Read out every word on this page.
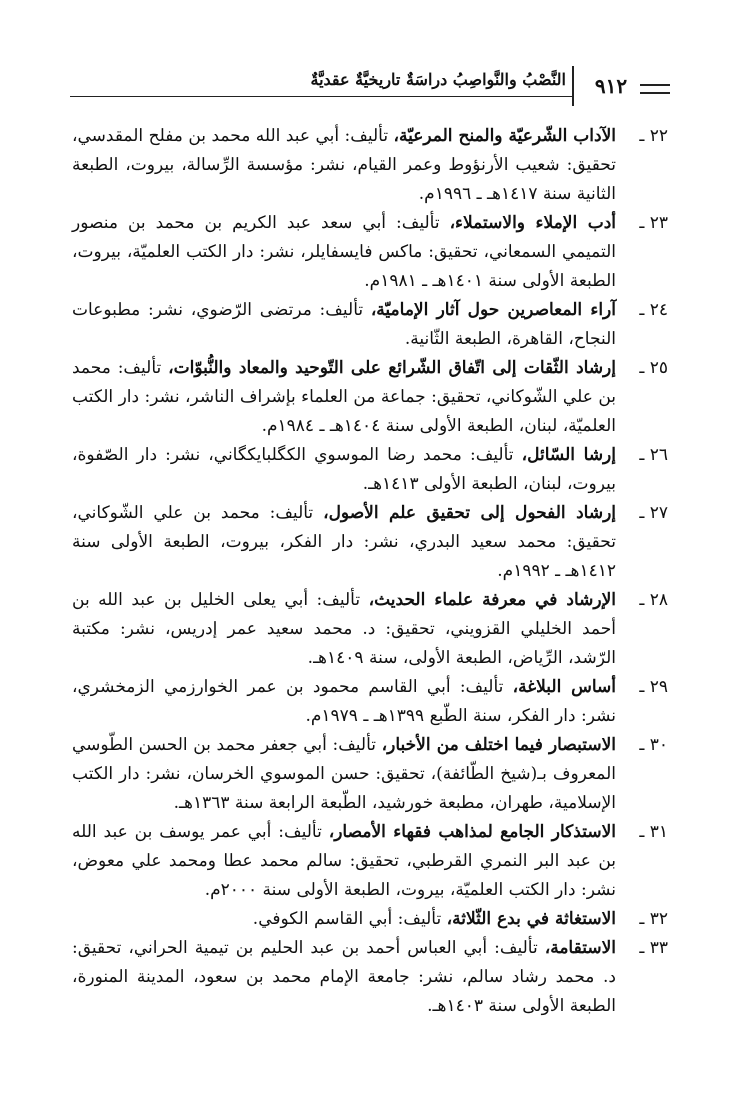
٩١٢
النَّصْبُ والنَّواصِبُ دراسَةٌ تاريخيَّةٌ عقديَّةٌ
٢٢ ـ
الآداب الشّرعيّة والمنح المرعيّة، تأليف: أبي عبد الله محمد بن مفلح المقدسي، تحقيق: شعيب الأرنؤوط وعمر القيام، نشر: مؤسسة الرِّسالة، بيروت، الطبعة الثانية سنة ١٤١٧هـ ـ ١٩٩٦م.
٢٣ ـ
أدب الإملاء والاستملاء، تأليف: أبي سعد عبد الكريم بن محمد بن منصور التميمي السمعاني، تحقيق: ماكس فايسفايلر، نشر: دار الكتب العلميّة، بيروت، الطبعة الأولى سنة ١٤٠١هـ ـ ١٩٨١م.
٢٤ ـ
آراء المعاصرين حول آثار الإماميّة، تأليف: مرتضى الرّضوي، نشر: مطبوعات النجاح، القاهرة، الطبعة الثّانية.
٢٥ ـ
إرشاد الثّقات إلى اتّفاق الشّرائع على التّوحيد والمعاد والنُّبوّات، تأليف: محمد بن علي الشّوكاني، تحقيق: جماعة من العلماء بإشراف الناشر، نشر: دار الكتب العلميّة، لبنان، الطبعة الأولى سنة ١٤٠٤هـ ـ ١٩٨٤م.
٢٦ ـ
إرشا السّائل، تأليف: محمد رضا الموسوي الكگلبايكگاني، نشر: دار الصّفوة، بيروت، لبنان، الطبعة الأولى ١٤١٣هـ.
٢٧ ـ
إرشاد الفحول إلى تحقيق علم الأصول، تأليف: محمد بن علي الشّوكاني، تحقيق: محمد سعيد البدري، نشر: دار الفكر، بيروت، الطبعة الأولى سنة ١٤١٢هـ ـ ١٩٩٢م.
٢٨ ـ
الإرشاد في معرفة علماء الحديث، تأليف: أبي يعلى الخليل بن عبد الله بن أحمد الخليلي القزويني، تحقيق: د. محمد سعيد عمر إدريس، نشر: مكتبة الرّشد، الرِّياض، الطبعة الأولى، سنة ١٤٠٩هـ.
٢٩ ـ
أساس البلاغة، تأليف: أبي القاسم محمود بن عمر الخوارزمي الزمخشري، نشر: دار الفكر، سنة الطّبع ١٣٩٩هـ ـ ١٩٧٩م.
٣٠ ـ
الاستبصار فيما اختلف من الأخبار، تأليف: أبي جعفر محمد بن الحسن الطّوسي المعروف بـ(شيخ الطّائفة)، تحقيق: حسن الموسوي الخرسان، نشر: دار الكتب الإسلامية، طهران، مطبعة خورشيد، الطّبعة الرابعة سنة ١٣٦٣هـ.
٣١ ـ
الاستذكار الجامع لمذاهب فقهاء الأمصار، تأليف: أبي عمر يوسف بن عبد الله بن عبد البر النمري القرطبي، تحقيق: سالم محمد عطا ومحمد علي معوض، نشر: دار الكتب العلميّة، بيروت، الطبعة الأولى سنة ٢٠٠٠م.
٣٢ ـ
الاستغاثة في بدع الثّلاثة، تأليف: أبي القاسم الكوفي.
٣٣ ـ
الاستقامة، تأليف: أبي العباس أحمد بن عبد الحليم بن تيمية الحراني، تحقيق: د. محمد رشاد سالم، نشر: جامعة الإمام محمد بن سعود، المدينة المنورة، الطبعة الأولى سنة ١٤٠٣هـ.
